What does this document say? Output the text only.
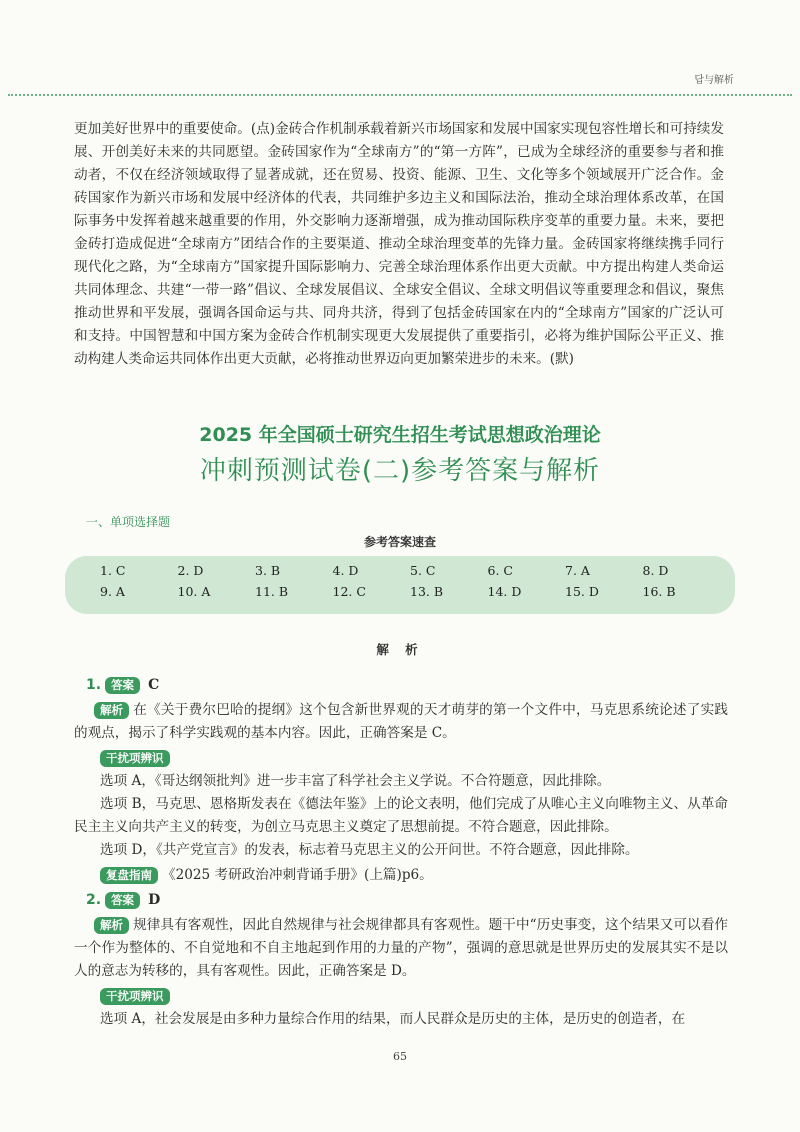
답与解析

更加美好世界中的重要使命。(点)金砖合作机制承载着新兴市场国家和发展中国家实现包容性增长和可持续发展、开创美好未来的共同愿望。金砖国家作为“全球南方”的“第一方阵”，已成为全球经济的重要参与者和推动者，不仅在经济领域取得了显著成就，还在贸易、投资、能源、卫生、文化等多个领域展开广泛合作。金砖国家作为新兴市场和发展中经济体的代表，共同维护多边主义和国际法治，推动全球治理体系改革，在国际事务中发挥着越来越重要的作用，外交影响力逐渐增强，成为推动国际秩序变革的重要力量。未来，要把金砖打造成促进“全球南方”团结合作的主要渠道、推动全球治理变革的先锋力量。金砖国家将继续携手同行现代化之路，为“全球南方”国家提升国际影响力、完善全球治理体系作出更大贡献。中方提出构建人类命运共同体理念、共建“一带一路”倡议、全球发展倡议、全球安全倡议、全球文明倡议等重要理念和倡议，聚焦推动世界和平发展，强调各国命运与共、同舟共济，得到了包括金砖国家在内的“全球南方”国家的广泛认可和支持。中国智慧和中国方案为金砖合作机制实现更大发展提供了重要指引，必将为维护国际公平正义、推动构建人类命运共同体作出更大贡献，必将推动世界迈向更加繁荣进步的未来。(默)

2025 年全国硕士研究生招生考试思想政治理论
冲刺预测试卷(二)参考答案与解析
一、单项选择题
参考答案速查
1. C	2. D	3. B	4. D	5. C	6. C	7. A	8. D
9. A	10. A	11. B	12. C	13. B	14. D	15. D	16. B
解 析
1. 答案	C

解析 在《关于费尔巴哈的提纲》这个包含新世界观的天才萌芽的第一个文件中，马克思系统论述了实践的观点，揭示了科学实践观的基本内容。因此，正确答案是 C。

干扰项辨识

选项 A，《哥达纲领批判》进一步丰富了科学社会主义学说。不合符题意，因此排除。

选项 B，马克思、恩格斯发表在《德法年鉴》上的论文表明，他们完成了从唯心主义向唯物主义、从革命民主主义向共产主义的转变，为创立马克思主义奠定了思想前提。不符合题意，因此排除。

选项 D，《共产党宣言》的发表，标志着马克思主义的公开问世。不符合题意，因此排除。

复盘指南 《2025 考研政治冲刺背诵手册》(上篇)p6。
2. 答案	D

解析 规律具有客观性，因此自然规律与社会规律都具有客观性。题干中“历史事变，这个结果又可以看作一个作为整体的、不自觉地和不自主地起到作用的力量的产物”，强调的意思就是世界历史的发展其实不是以人的意志为转移的，具有客观性。因此，正确答案是 D。

干扰项辨识

选项 A，社会发展是由多种力量综合作用的结果，而人民群众是历史的主体，是历史的创造者，在

65
